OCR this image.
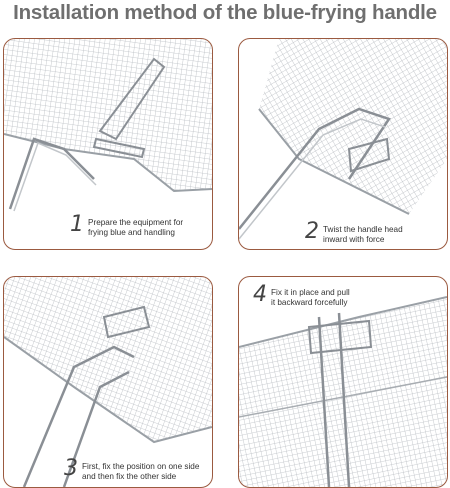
Installation method of the blue-frying handle
1 Prepare the equipment for
frying blue and handling	2 Twist the handle head
inward with force
3 First, fix the position on one side
and then fix the other side
4 Fix it in place and pull
it backward forcefully
